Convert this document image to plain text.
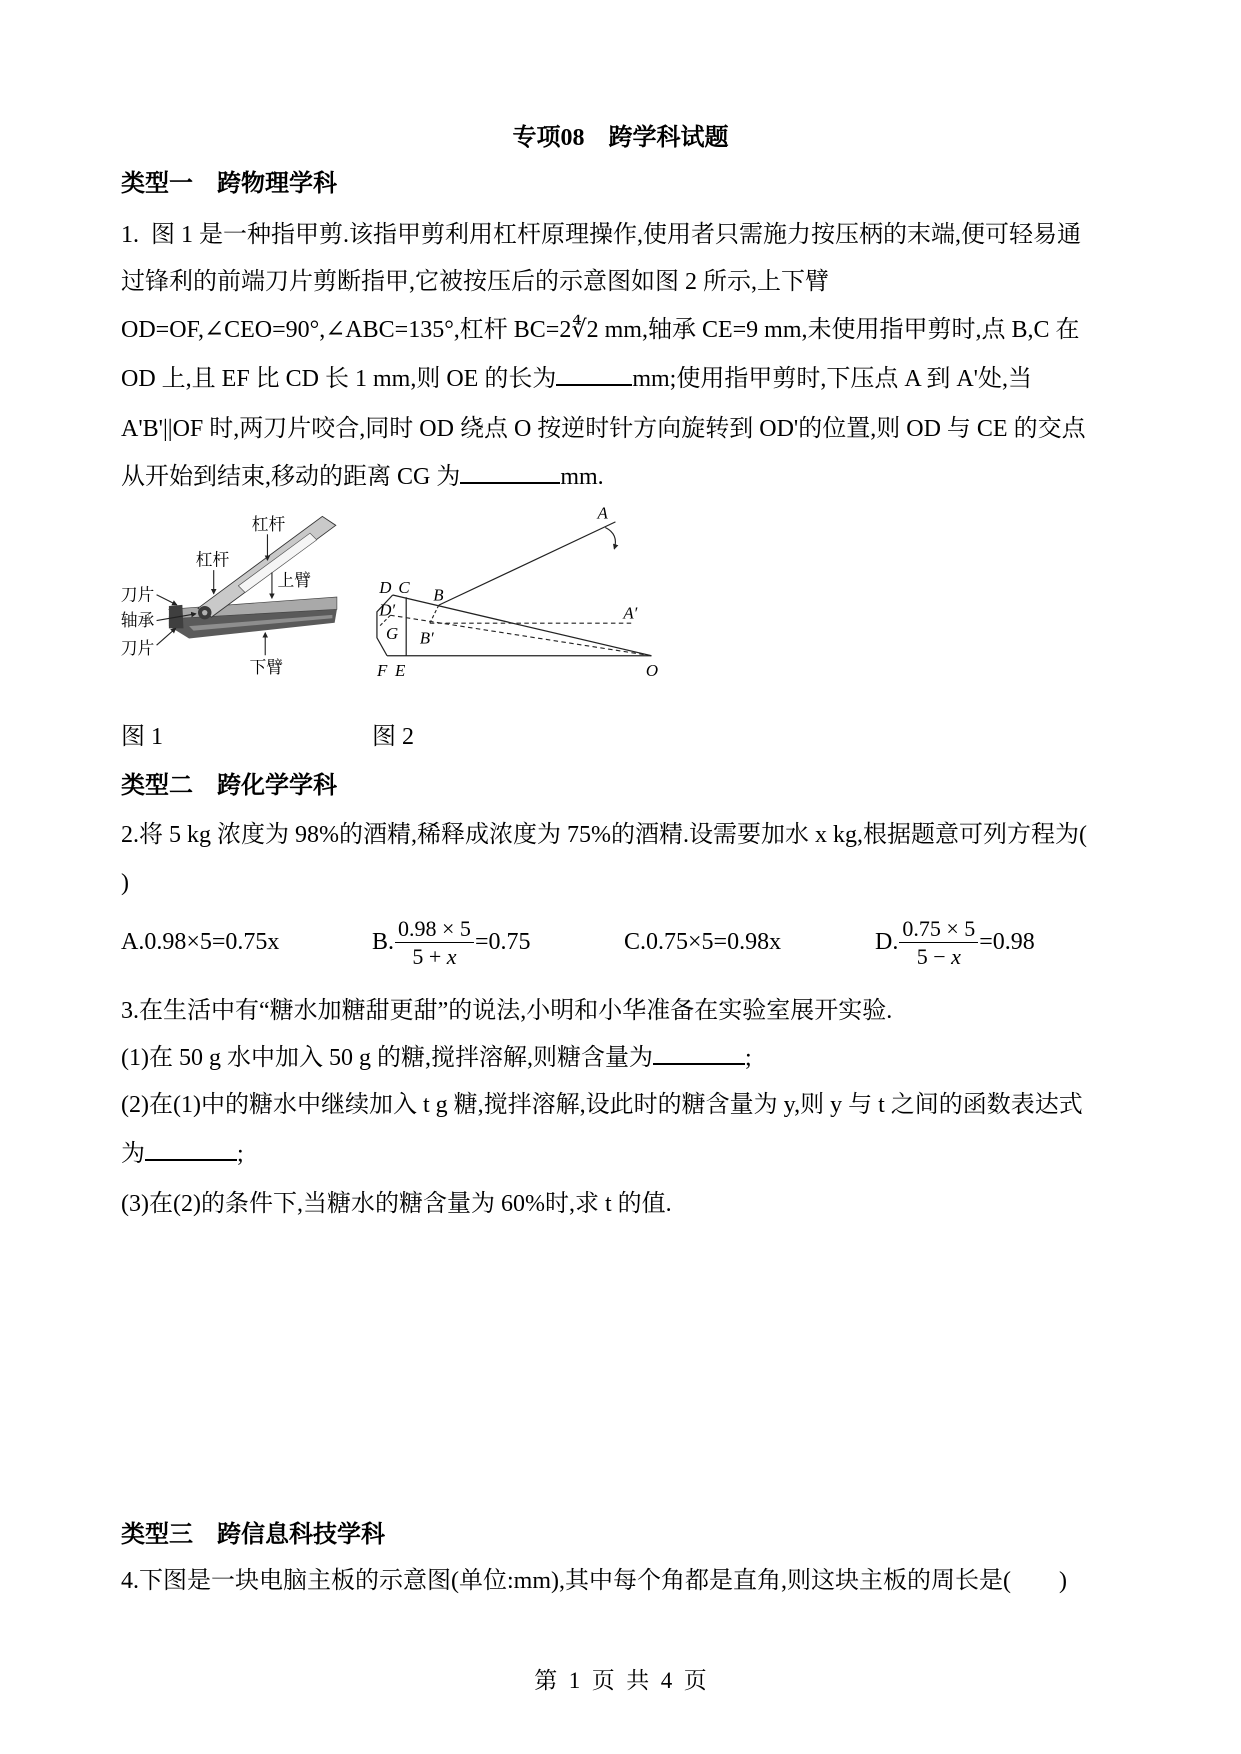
专项08　跨学科试题
类型一　跨物理学科
1.  图 1 是一种指甲剪.该指甲剪利用杠杆原理操作,使用者只需施力按压柄的末端,便可轻易通
过锋利的前端刀片剪断指甲,它被按压后的示意图如图 2 所示,上下臂
OD=OF,∠CEO=90°,∠ABC=135°,杠杆 BC=2∜2 mm,轴承 CE=9 mm,未使用指甲剪时,点 B,C 在
OD 上,且 EF 比 CD 长 1 mm,则 OE 的长为	mm;使用指甲剪时,下压点 A 到 A'处,当
A'B'||OF 时,两刀片咬合,同时 OD 绕点 O 按逆时针方向旋转到 OD'的位置,则 OD 与 CE 的交点
从开始到结束,移动的距离 CG 为	mm.
杠杆
杠杆
上臂
刀片
轴承
刀片
下臂
A
A′
B
B′
C
D
D′
G
E
F	O
图 1	图 2
类型二　跨化学学科
2.将 5 kg 浓度为 98%的酒精,稀释成浓度为 75%的酒精.设需要加水 x kg,根据题意可列方程为(
)
A.0.98×5=0.75x	B. $\frac{0.98 \times 5}{5 + x} =0.75$	C.0.75×5=0.98x	D. $\frac{0.75 \times 5}{5 - x} =0.98$
3.在生活中有“糖水加糖甜更甜”的说法,小明和小华准备在实验室展开实验.
(1)在 50 g 水中加入 50 g 的糖,搅拌溶解,则糖含量为	;
(2)在(1)中的糖水中继续加入 t g 糖,搅拌溶解,设此时的糖含量为 y,则 y 与 t 之间的函数表达式
为	;
(3)在(2)的条件下,当糖水的糖含量为 60%时,求 t 的值.
类型三　跨信息科技学科
4.下图是一块电脑主板的示意图(单位:mm),其中每个角都是直角,则这块主板的周长是(　　)
第  1  页  共  4  页
